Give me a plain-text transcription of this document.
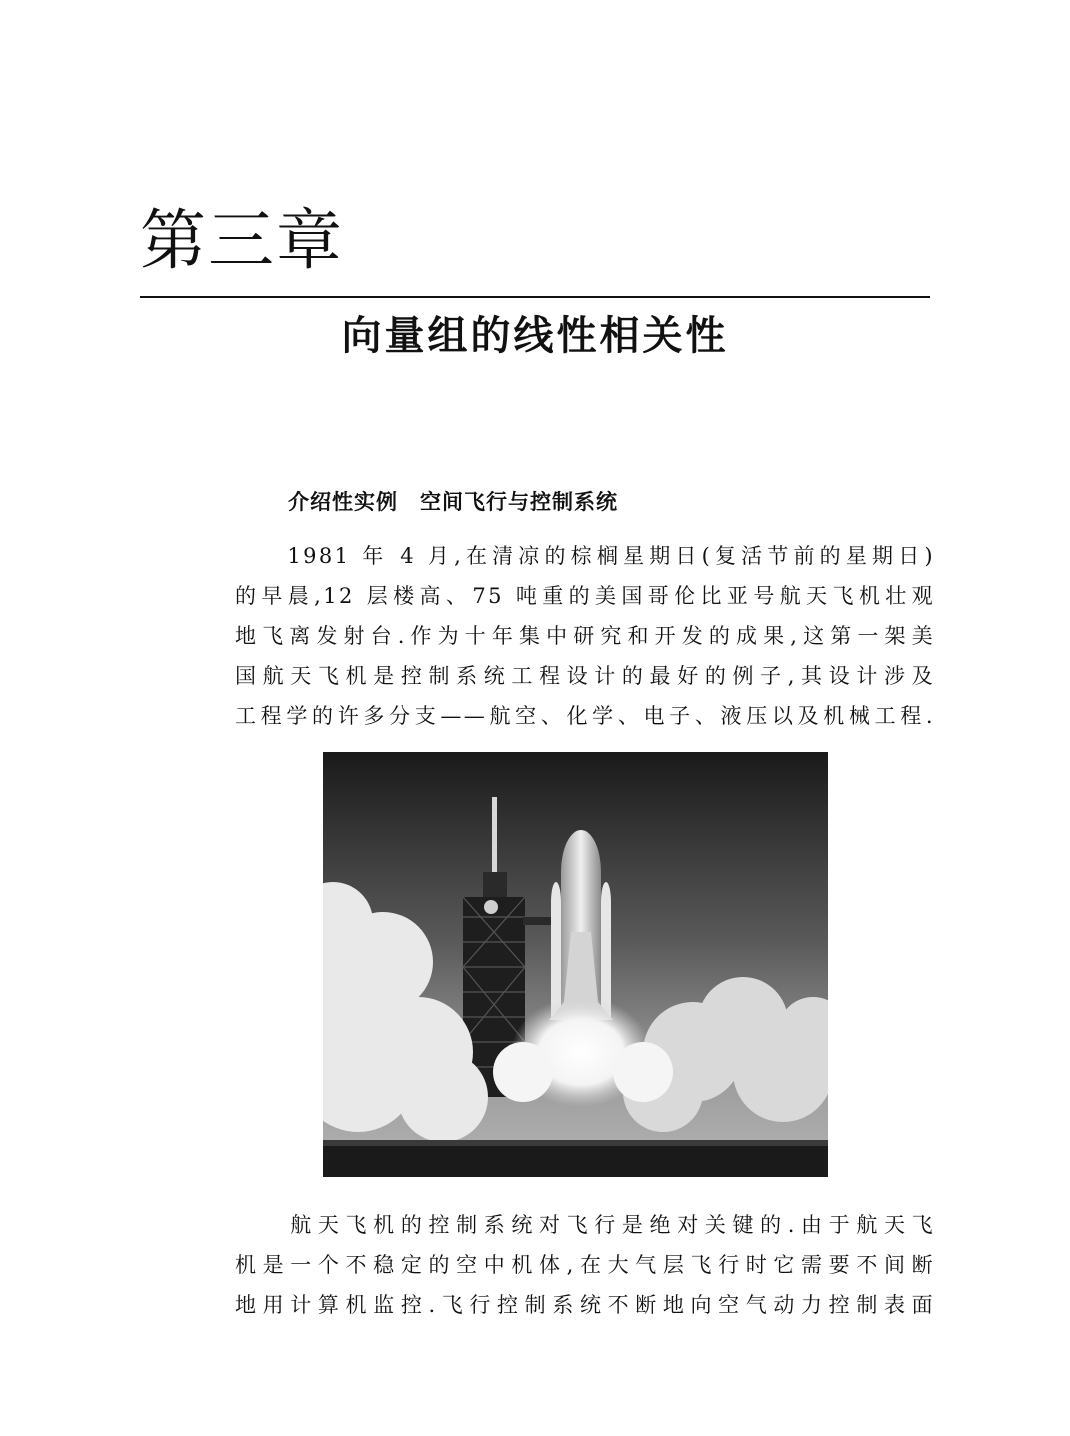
第三章
向量组的线性相关性
介绍性实例　空间飞行与控制系统

　　1981 年 4 月,在清凉的棕榈星期日(复活节前的星期日)
的早晨,12 层楼高、75 吨重的美国哥伦比亚号航天飞机壮观
地飞离发射台.作为十年集中研究和开发的成果,这第一架美
国航天飞机是控制系统工程设计的最好的例子,其设计涉及
工程学的许多分支——航空、化学、电子、液压以及机械工程.

　　航天飞机的控制系统对飞行是绝对关键的.由于航天飞
机是一个不稳定的空中机体,在大气层飞行时它需要不间断
地用计算机监控.飞行控制系统不断地向空气动力控制表面
